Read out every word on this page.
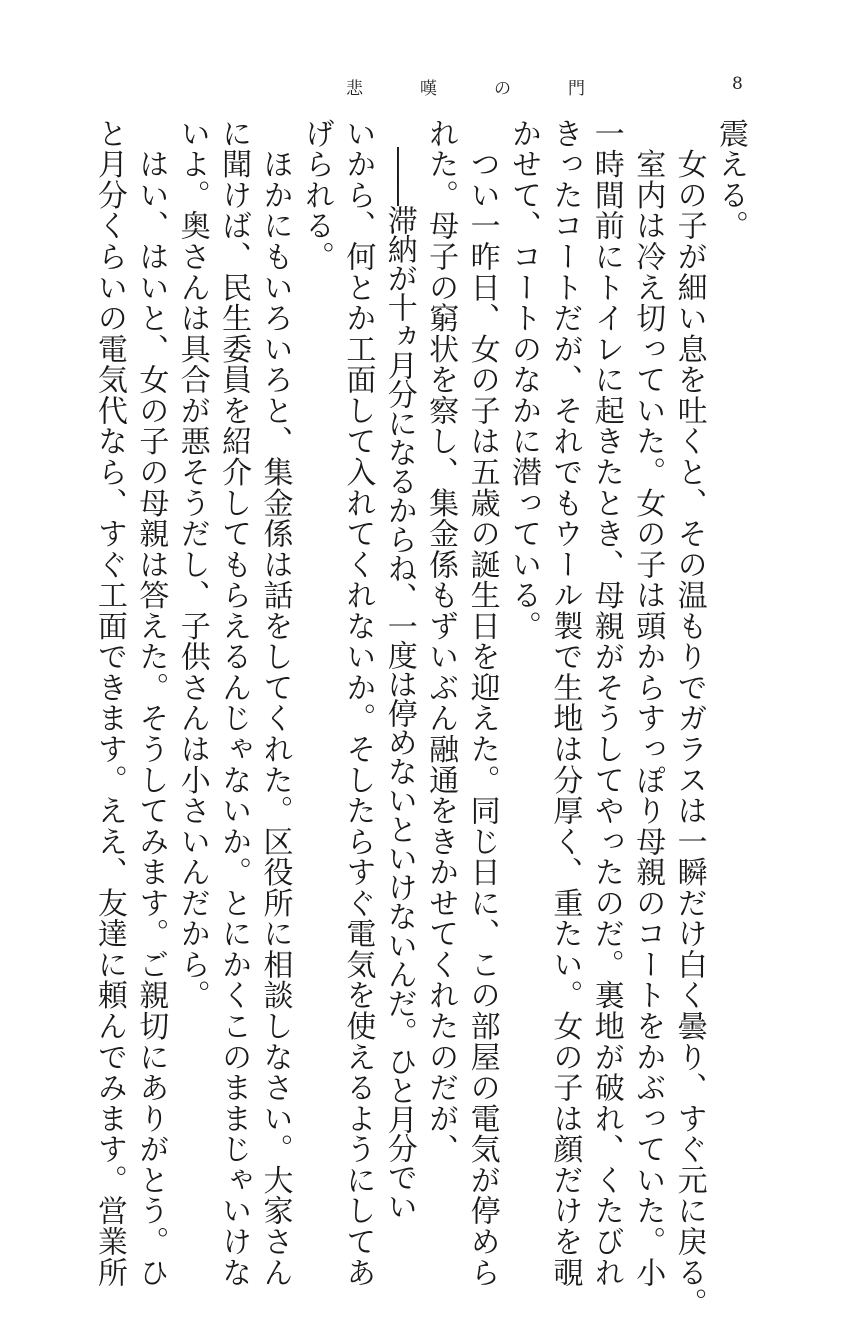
悲　嘆　の　門	8
震える。
　女の子が細い息を吐くと、その温もりでガラスは一瞬だけ白く曇り、すぐ元に戻る。
　室内は冷え切っていた。女の子は頭からすっぽり母親のコートをかぶっていた。小
一時間前にトイレに起きたとき、母親がそうしてやったのだ。裏地が破れ、くたびれ
きったコートだが、それでもウール製で生地は分厚く、重たい。女の子は顔だけを覗
かせて、コートのなかに潜っている。
　つい一昨日、女の子は五歳の誕生日を迎えた。同じ日に、この部屋の電気が停めら
れた。母子の窮状を察し、集金係もずいぶん融通をきかせてくれたのだが、
　――滞納が十ヵ月分になるからね、一度は停めないといけないんだ。ひと月分でい
いから、何とか工面して入れてくれないか。そしたらすぐ電気を使えるようにしてあ
げられる。
　ほかにもいろいろと、集金係は話をしてくれた。区役所に相談しなさい。大家さん
に聞けば、民生委員を紹介してもらえるんじゃないか。とにかくこのままじゃいけな
いよ。奥さんは具合が悪そうだし、子供さんは小さいんだから。
　はい、はいと、女の子の母親は答えた。そうしてみます。ご親切にありがとう。ひ
と月分くらいの電気代なら、すぐ工面できます。ええ、友達に頼んでみます。営業所
